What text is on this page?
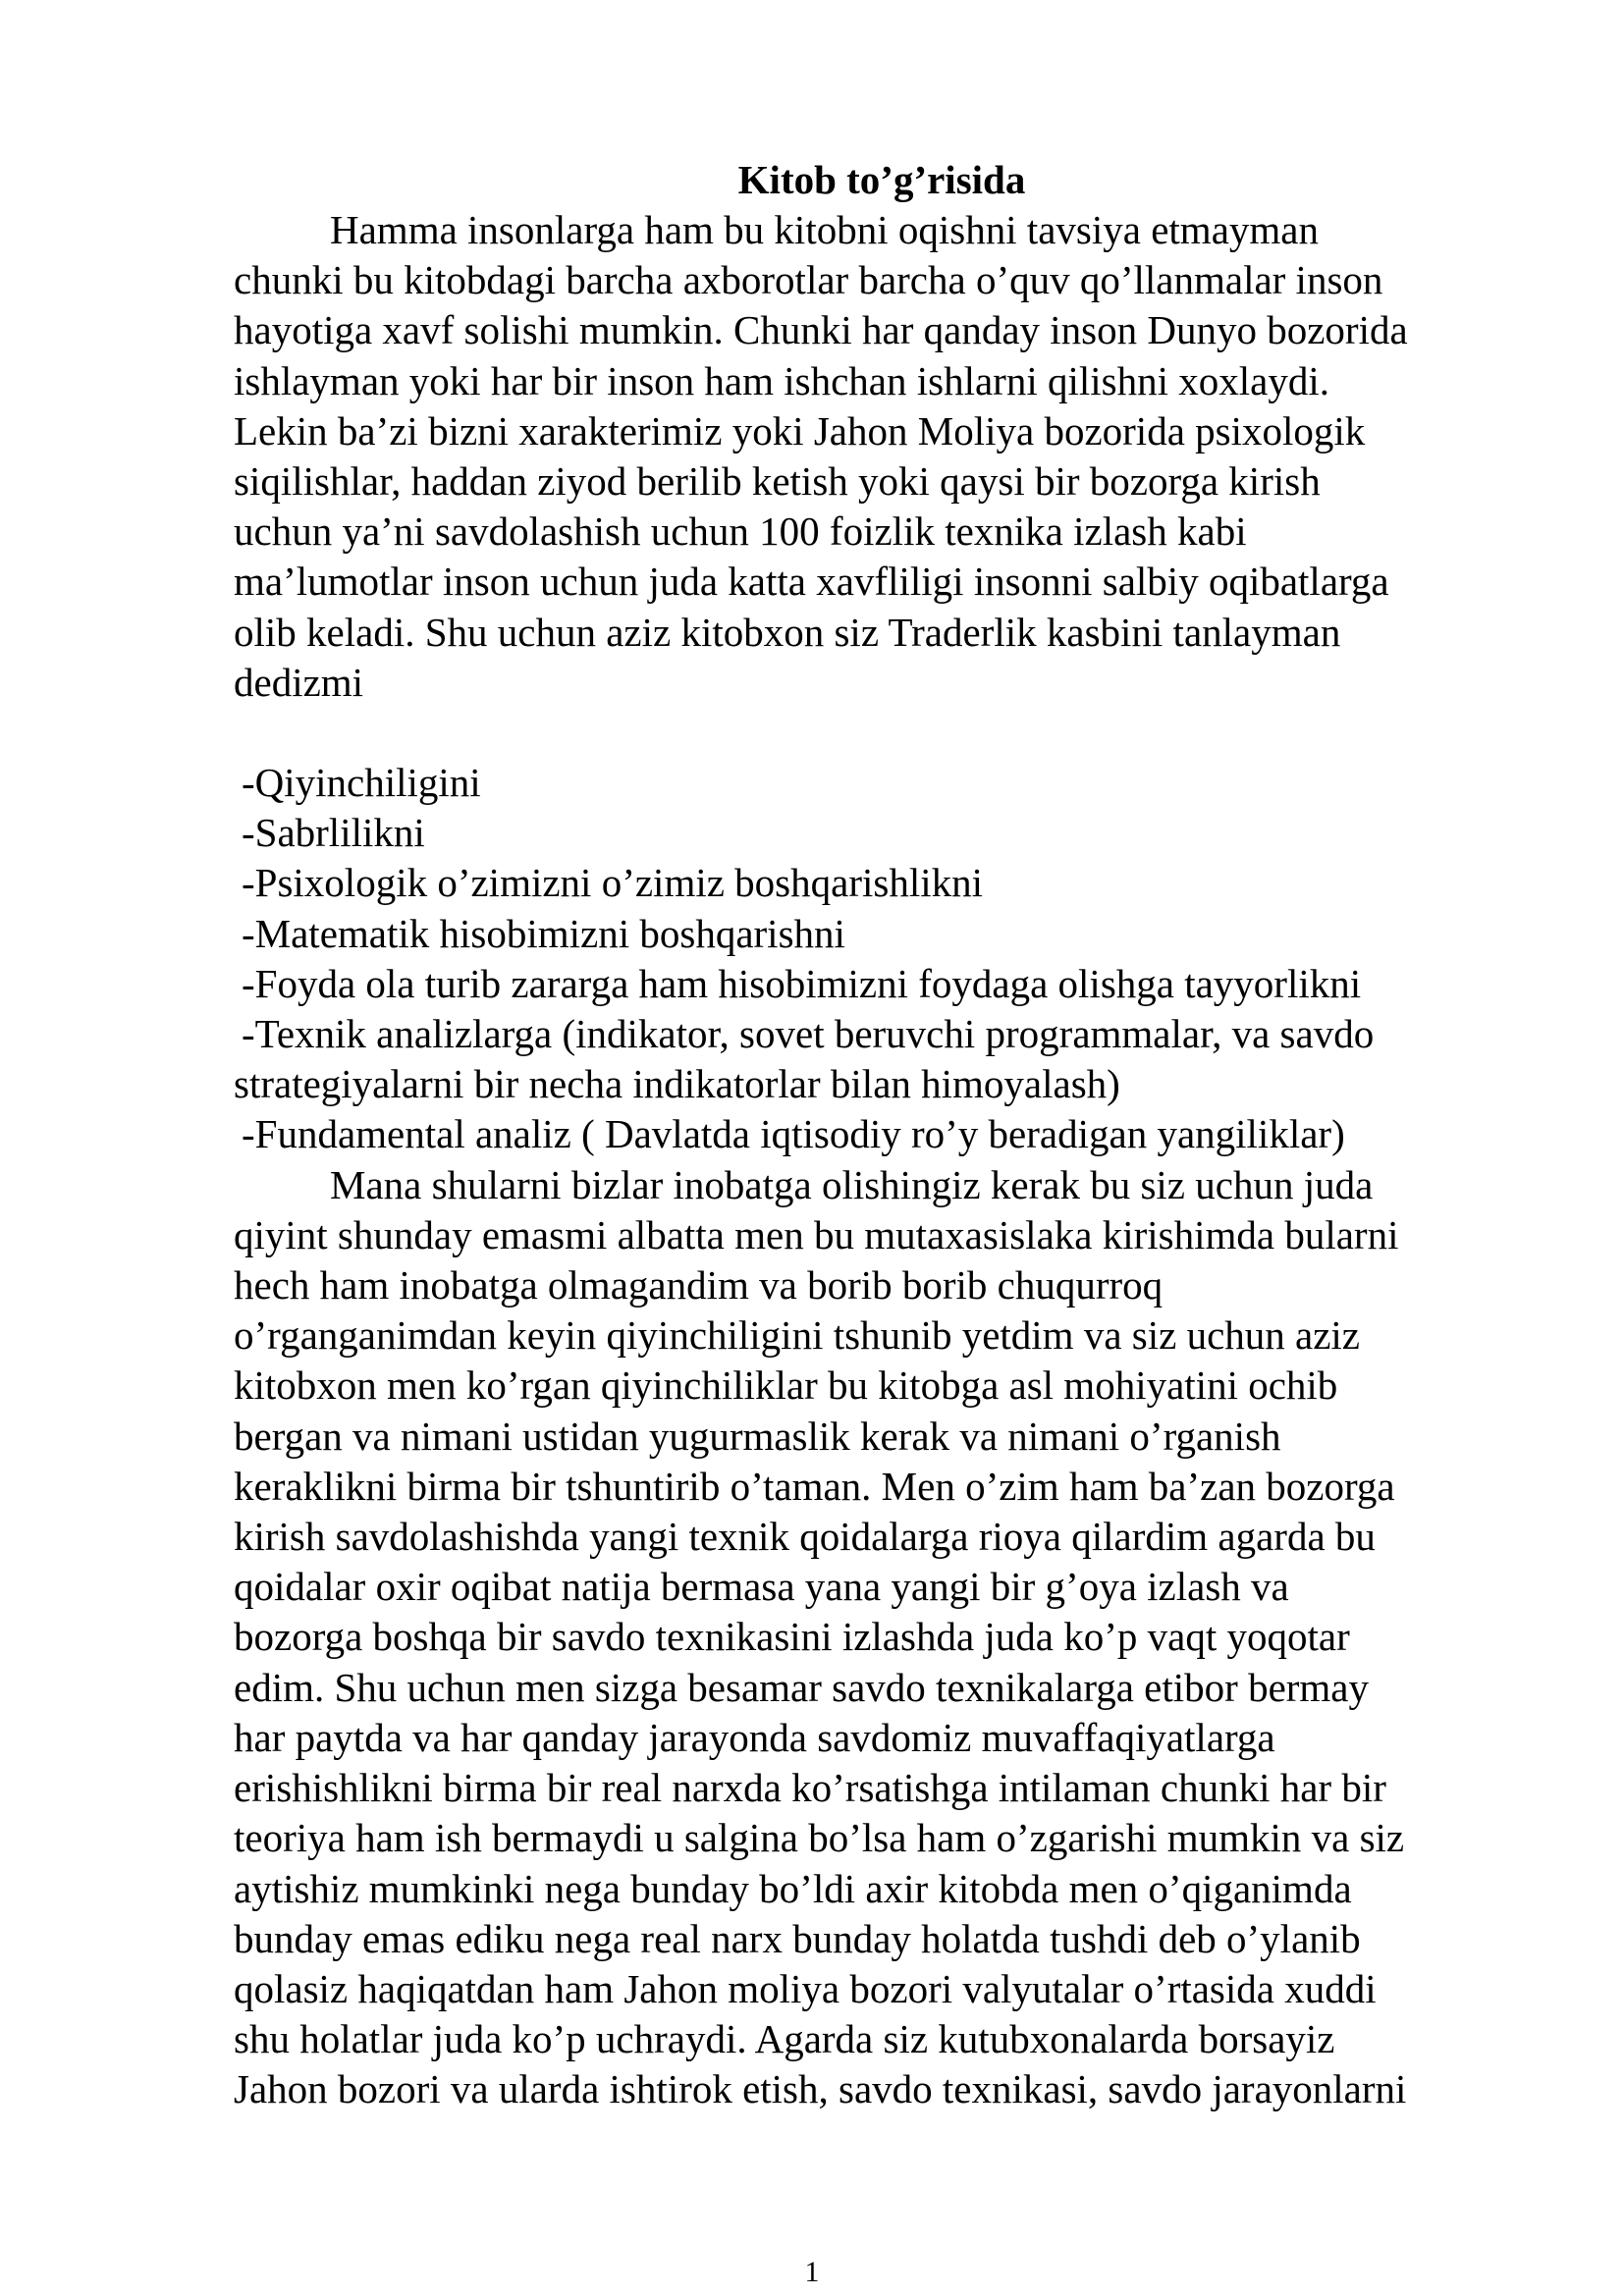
Kitob to’g’risida
Hamma insonlarga ham bu kitobni oqishni tavsiya etmayman
chunki bu kitobdagi barcha axborotlar barcha o’quv qo’llanmalar inson
hayotiga xavf solishi mumkin. Chunki har qanday inson Dunyo bozorida
ishlayman yoki har bir inson ham ishchan ishlarni qilishni xoxlaydi.
Lekin ba’zi bizni xarakterimiz yoki Jahon Moliya bozorida psixologik
siqilishlar, haddan ziyod berilib ketish yoki qaysi bir bozorga kirish
uchun ya’ni savdolashish uchun 100 foizlik texnika izlash kabi
ma’lumotlar inson uchun juda katta xavfliligi insonni salbiy oqibatlarga
olib keladi. Shu uchun aziz kitobxon siz Traderlik kasbini tanlayman
dedizmi
-Qiyinchiligini
-Sabrlilikni
-Psixologik o’zimizni o’zimiz boshqarishlikni
-Matematik hisobimizni boshqarishni
-Foyda ola turib zararga ham hisobimizni foydaga olishga tayyorlikni
-Texnik analizlarga (indikator, sovet beruvchi programmalar, va savdo
strategiyalarni bir necha indikatorlar bilan himoyalash)
-Fundamental analiz ( Davlatda iqtisodiy ro’y beradigan yangiliklar)
Mana shularni bizlar inobatga olishingiz kerak bu siz uchun juda
qiyint shunday emasmi albatta men bu mutaxasislaka kirishimda bularni
hech ham inobatga olmagandim va borib borib chuqurroq
o’rganganimdan keyin qiyinchiligini tshunib yetdim va siz uchun aziz
kitobxon men ko’rgan qiyinchiliklar bu kitobga asl mohiyatini ochib
bergan va nimani ustidan yugurmaslik kerak va nimani o’rganish
keraklikni birma bir tshuntirib o’taman. Men o’zim ham ba’zan bozorga
kirish savdolashishda yangi texnik qoidalarga rioya qilardim agarda bu
qoidalar oxir oqibat natija bermasa yana yangi bir g’oya izlash va
bozorga boshqa bir savdo texnikasini izlashda juda ko’p vaqt yoqotar
edim. Shu uchun men sizga besamar savdo texnikalarga etibor bermay
har paytda va har qanday jarayonda savdomiz muvaffaqiyatlarga
erishishlikni birma bir real narxda ko’rsatishga intilaman chunki har bir
teoriya ham ish bermaydi u salgina bo’lsa ham o’zgarishi mumkin va siz
aytishiz mumkinki nega bunday bo’ldi axir kitobda men o’qiganimda
bunday emas ediku nega real narx bunday holatda tushdi deb o’ylanib
qolasiz haqiqatdan ham Jahon moliya bozori valyutalar o’rtasida xuddi
shu holatlar juda ko’p uchraydi. Agarda siz kutubxonalarda borsayiz
Jahon bozori va ularda ishtirok etish, savdo texnikasi, savdo jarayonlarni
1
